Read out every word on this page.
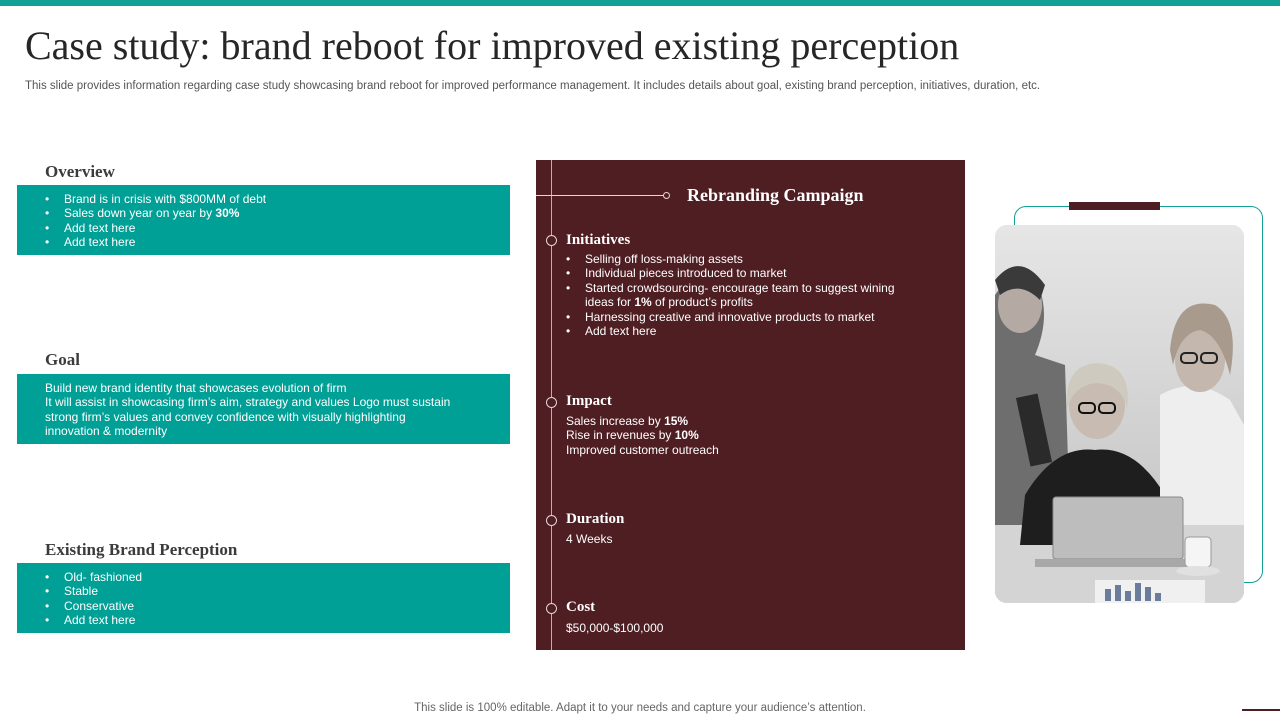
Case study: brand reboot for improved existing perception
This slide provides information regarding case study showcasing brand reboot for improved performance management. It includes details about goal, existing brand perception, initiatives, duration, etc.
Overview
• Brand is in crisis with $800MM of debt
• Sales down year on year by 30%
• Add text here
• Add text here
Goal
Build new brand identity that showcases evolution of firm
It will assist in showcasing firm’s aim, strategy and values Logo must sustain
strong firm’s values and convey confidence with visually highlighting
innovation & modernity
Existing Brand Perception
• Old- fashioned
• Stable
• Conservative
• Add text here
Rebranding Campaign
Initiatives
• Selling off loss-making assets
• Individual pieces introduced to market
• Started crowdsourcing- encourage team to suggest wining ideas for 1% of product’s profits
• Harnessing creative and innovative products to market
• Add text here
Impact
Sales increase by 15%
Rise in revenues by 10%
Improved customer outreach
Duration
4 Weeks
Cost
$50,000-$100,000
This slide is 100% editable. Adapt it to your needs and capture your audience’s attention.
